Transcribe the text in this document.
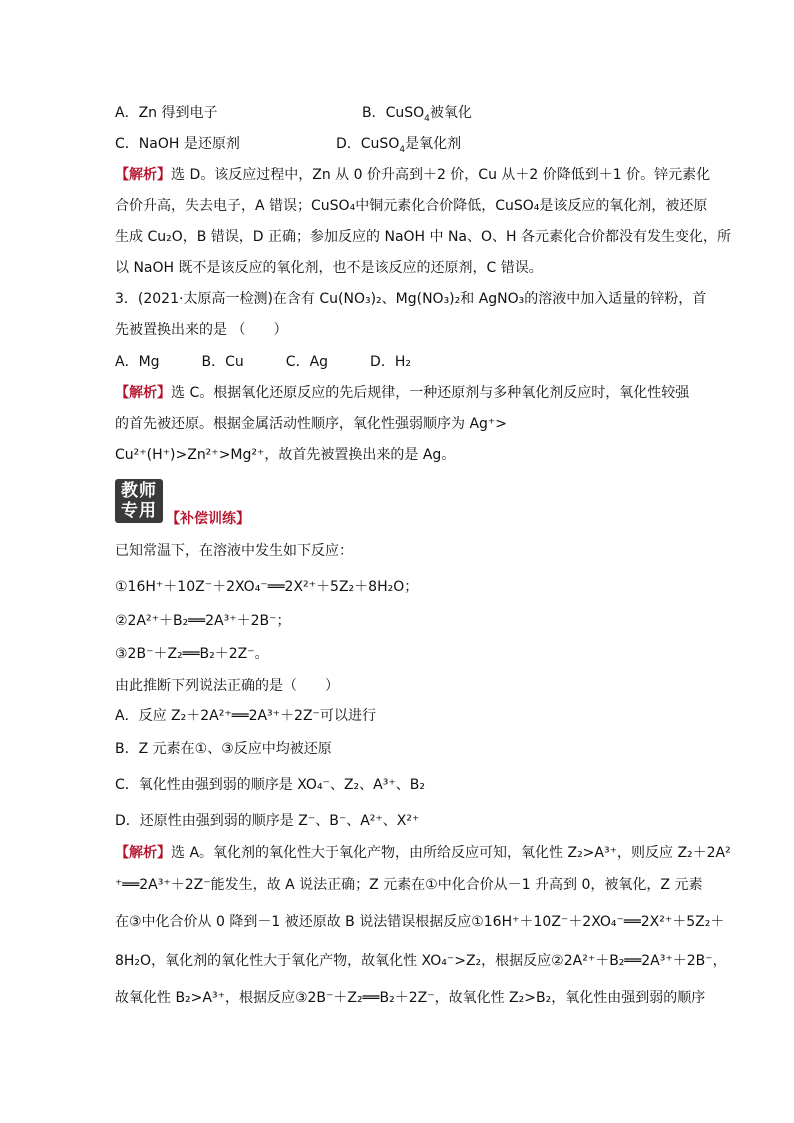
A．Zn 得到电子	B．CuSO$_4$被氧化
C．NaOH 是还原剂	D．CuSO$_4$是氧化剂
【解析】选 D。该反应过程中，Zn 从 0 价升高到＋2 价，Cu 从＋2 价降低到＋1 价。锌元素化
合价升高，失去电子，A 错误；CuSO₄中铜元素化合价降低，CuSO₄是该反应的氧化剂，被还原
生成 Cu₂O，B 错误，D 正确；参加反应的 NaOH 中 Na、O、H 各元素化合价都没有发生变化，所
以 NaOH 既不是该反应的氧化剂，也不是该反应的还原剂，C 错误。
3．(2021·太原高一检测)在含有 Cu(NO₃)₂、Mg(NO₃)₂和 AgNO₃的溶液中加入适量的锌粉，首
先被置换出来的是 （　　）
A．Mg　　　B．Cu　　　C．Ag　　　D．H₂
【解析】选 C。根据氧化还原反应的先后规律，一种还原剂与多种氧化剂反应时，氧化性较强
的首先被还原。根据金属活动性顺序，氧化性强弱顺序为 Ag⁺>
Cu²⁺(H⁺)>Zn²⁺>Mg²⁺，故首先被置换出来的是 Ag。
教师
专用 【补偿训练】
已知常温下，在溶液中发生如下反应：
①16H⁺＋10Z⁻＋2XO₄⁻══2X²⁺＋5Z₂＋8H₂O；
②2A²⁺＋B₂══2A³⁺＋2B⁻；
③2B⁻＋Z₂══B₂＋2Z⁻。
由此推断下列说法正确的是（　　）
A．反应 Z₂＋2A²⁺══2A³⁺＋2Z⁻可以进行
B．Z 元素在①、③反应中均被还原
C．氧化性由强到弱的顺序是 XO₄⁻、Z₂、A³⁺、B₂
D．还原性由强到弱的顺序是 Z⁻、B⁻、A²⁺、X²⁺
【解析】选 A。氧化剂的氧化性大于氧化产物，由所给反应可知，氧化性 Z₂>A³⁺，则反应 Z₂＋2A²
⁺══2A³⁺＋2Z⁻能发生，故 A 说法正确；Z 元素在①中化合价从－1 升高到 0，被氧化，Z 元素
在③中化合价从 0 降到－1 被还原故 B 说法错误根据反应①16H⁺＋10Z⁻＋2XO₄⁻══2X²⁺＋5Z₂＋
8H₂O，氧化剂的氧化性大于氧化产物，故氧化性 XO₄⁻>Z₂，根据反应②2A²⁺＋B₂══2A³⁺＋2B⁻，
故氧化性 B₂>A³⁺，根据反应③2B⁻＋Z₂══B₂＋2Z⁻，故氧化性 Z₂>B₂，氧化性由强到弱的顺序
